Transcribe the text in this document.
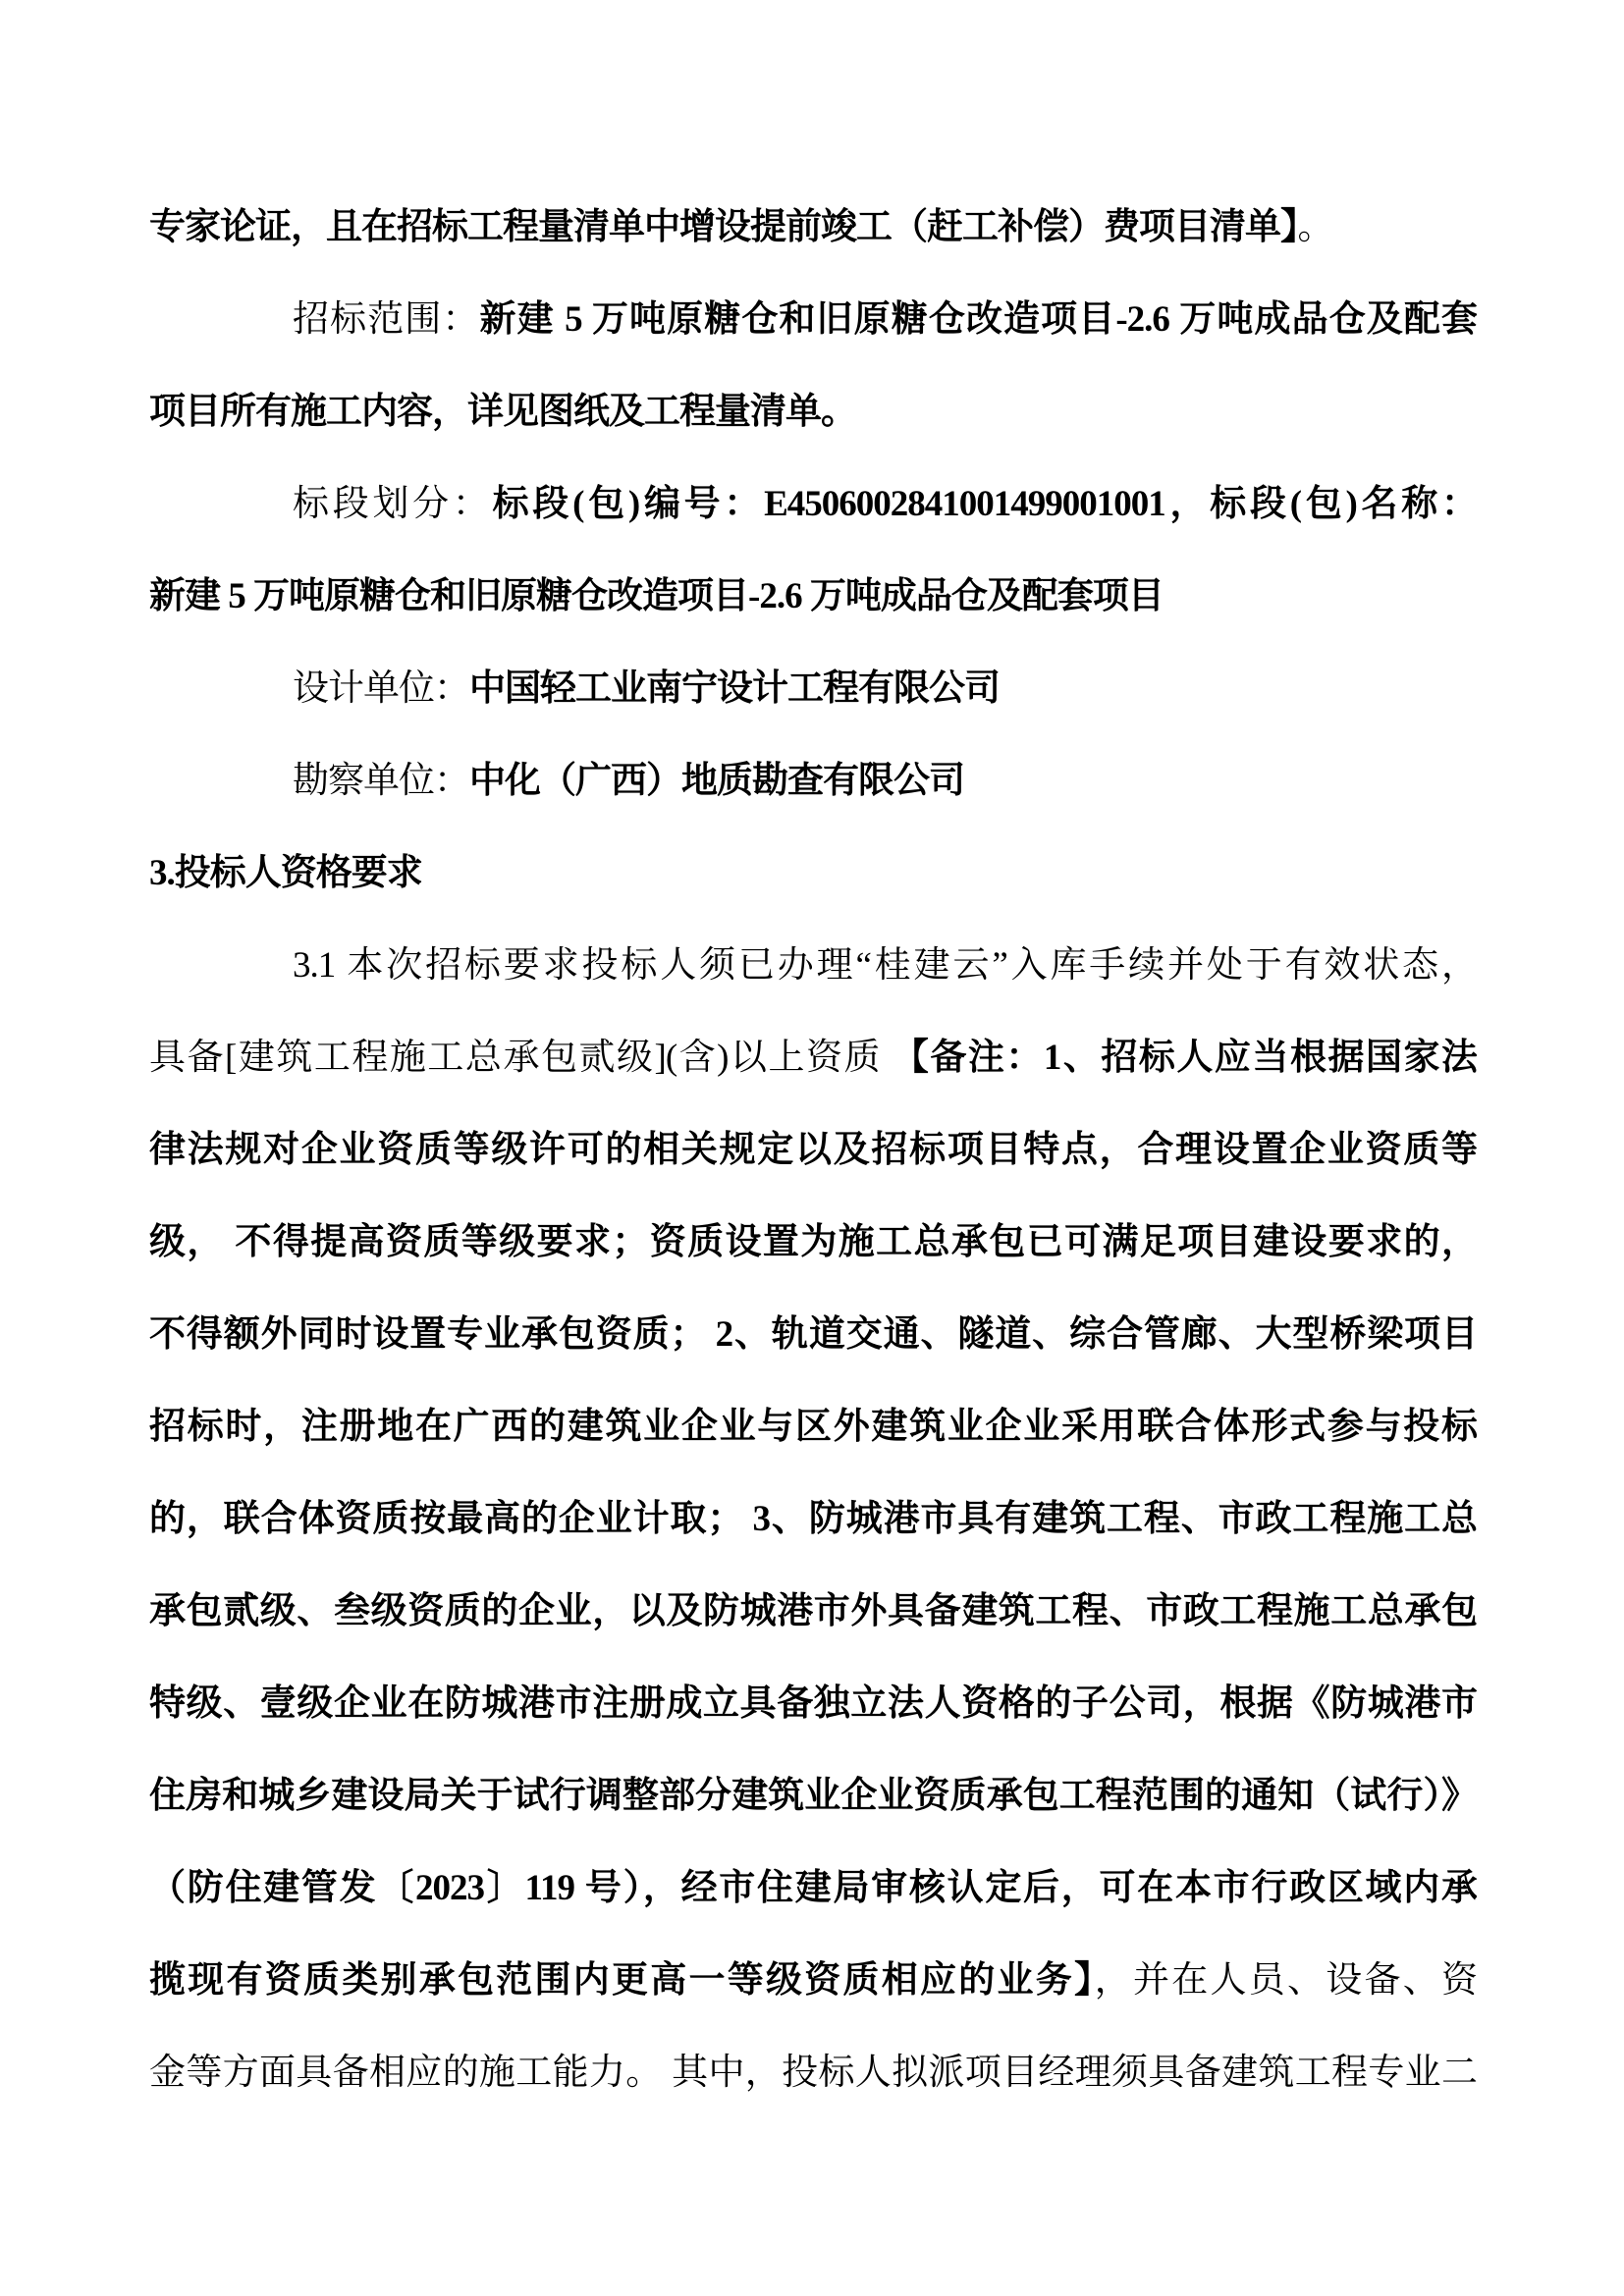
专家论证，且在招标工程量清单中增设提前竣工（赶工补偿）费项目清单】。
招标范围：新建 5 万吨原糖仓和旧原糖仓改造项目-2.6 万吨成品仓及配套
项目所有施工内容，详见图纸及工程量清单。
标段划分：标段(包)编号：E4506002841001499001001，标段(包)名称：
新建 5 万吨原糖仓和旧原糖仓改造项目-2.6 万吨成品仓及配套项目
设计单位：中国轻工业南宁设计工程有限公司
勘察单位：中化（广西）地质勘查有限公司
3.投标人资格要求
3.1 本次招标要求投标人须已办理“桂建云”入库手续并处于有效状态，
具备[建筑工程施工总承包贰级](含)以上资质 【备注：1、招标人应当根据国家法
律法规对企业资质等级许可的相关规定以及招标项目特点，合理设置企业资质等
级， 不得提高资质等级要求；资质设置为施工总承包已可满足项目建设要求的，
不得额外同时设置专业承包资质； 2、轨道交通、隧道、综合管廊、大型桥梁项目
招标时，注册地在广西的建筑业企业与区外建筑业企业采用联合体形式参与投标
的，联合体资质按最高的企业计取； 3、防城港市具有建筑工程、市政工程施工总
承包贰级、叁级资质的企业，以及防城港市外具备建筑工程、市政工程施工总承包
特级、壹级企业在防城港市注册成立具备独立法人资格的子公司，根据《防城港市
住房和城乡建设局关于试行调整部分建筑业企业资质承包工程范围的通知（试行）》
（防住建管发〔2023〕119 号），经市住建局审核认定后，可在本市行政区域内承
揽现有资质类别承包范围内更高一等级资质相应的业务】，并在人员、设备、资
金等方面具备相应的施工能力。 其中，投标人拟派项目经理须具备建筑工程专业二
